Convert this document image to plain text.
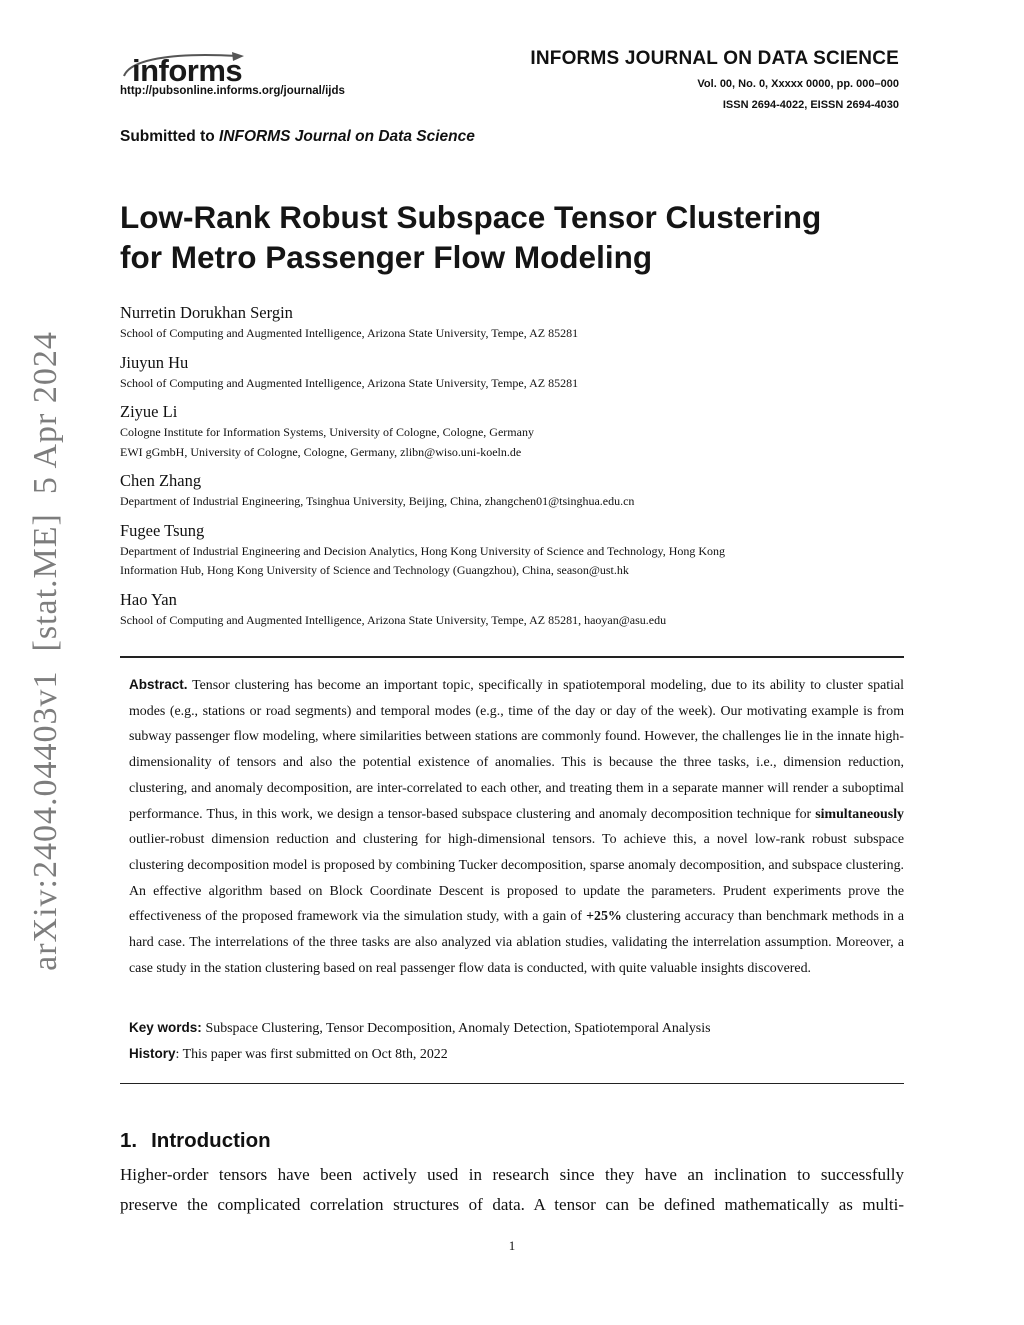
informs
http://pubsonline.informs.org/journal/ijds
INFORMS JOURNAL ON DATA SCIENCE
Vol. 00, No. 0, Xxxxx 0000, pp. 000–000
ISSN 2694-4022, EISSN 2694-4030
Submitted to INFORMS Journal on Data Science
arXiv:2404.04403v1  [stat.ME]  5 Apr 2024
Low-Rank Robust Subspace Tensor Clustering
for Metro Passenger Flow Modeling
Nurretin Dorukhan Sergin
School of Computing and Augmented Intelligence, Arizona State University, Tempe, AZ 85281
Jiuyun Hu
School of Computing and Augmented Intelligence, Arizona State University, Tempe, AZ 85281
Ziyue Li
Cologne Institute for Information Systems, University of Cologne, Cologne, Germany
EWI gGmbH, University of Cologne, Cologne, Germany, zlibn@wiso.uni-koeln.de
Chen Zhang
Department of Industrial Engineering, Tsinghua University, Beijing, China, zhangchen01@tsinghua.edu.cn
Fugee Tsung
Department of Industrial Engineering and Decision Analytics, Hong Kong University of Science and Technology, Hong Kong
Information Hub, Hong Kong University of Science and Technology (Guangzhou), China, season@ust.hk
Hao Yan
School of Computing and Augmented Intelligence, Arizona State University, Tempe, AZ 85281, haoyan@asu.edu
Abstract. Tensor clustering has become an important topic, specifically in spatiotemporal modeling, due to its ability to cluster spatial modes (e.g., stations or road segments) and temporal modes (e.g., time of the day or day of the week). Our motivating example is from subway passenger flow modeling, where similarities between stations are commonly found. However, the challenges lie in the innate high-dimensionality of tensors and also the potential existence of anomalies. This is because the three tasks, i.e., dimension reduction, clustering, and anomaly decomposition, are inter-correlated to each other, and treating them in a separate manner will render a suboptimal performance. Thus, in this work, we design a tensor-based subspace clustering and anomaly decomposition technique for simultaneously outlier-robust dimension reduction and clustering for high-dimensional tensors. To achieve this, a novel low-rank robust subspace clustering decomposition model is proposed by combining Tucker decomposition, sparse anomaly decomposition, and subspace clustering. An effective algorithm based on Block Coordinate Descent is proposed to update the parameters. Prudent experiments prove the effectiveness of the proposed framework via the simulation study, with a gain of +25% clustering accuracy than benchmark methods in a hard case. The interrelations of the three tasks are also analyzed via ablation studies, validating the interrelation assumption. Moreover, a case study in the station clustering based on real passenger flow data is conducted, with quite valuable insights discovered.
Key words: Subspace Clustering, Tensor Decomposition, Anomaly Detection, Spatiotemporal Analysis
History: This paper was first submitted on Oct 8th, 2022
1. Introduction
Higher-order tensors have been actively used in research since they have an inclination to successfully
preserve the complicated correlation structures of data. A tensor can be defined mathematically as multi-
1
